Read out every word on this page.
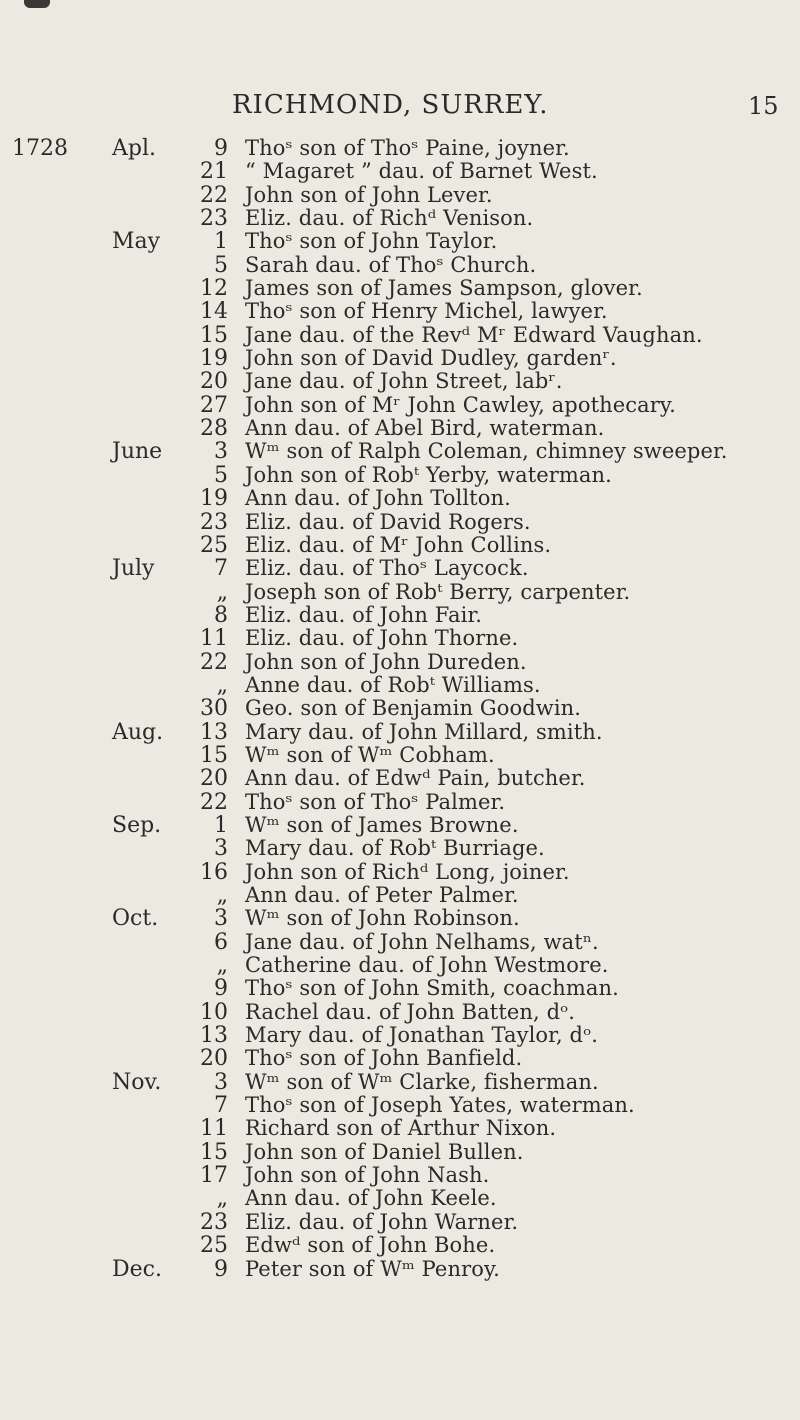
RICHMOND, SURREY.	15
1728 Apl.	9 Thoˢ son of Thoˢ Paine, joyner.
21 “ Magaret ” dau. of Barnet West.
22 John son of John Lever.
23 Eliz. dau. of Richᵈ Venison.
May 1 Thoˢ son of John Taylor.
5 Sarah dau. of Thoˢ Church.
12 James son of James Sampson, glover.
14 Thoˢ son of Henry Michel, lawyer.
15 Jane dau. of the Revᵈ Mʳ Edward Vaughan.
19 John son of David Dudley, gardenʳ.
20 Jane dau. of John Street, labʳ.
27 John son of Mʳ John Cawley, apothecary.
28 Ann dau. of Abel Bird, waterman.
June 3 Wᵐ son of Ralph Coleman, chimney sweeper.
5 John son of Robᵗ Yerby, waterman.
19 Ann dau. of John Tollton.
23 Eliz. dau. of David Rogers.
25 Eliz. dau. of Mʳ John Collins.
July	7 Eliz. dau. of Thoˢ Laycock.
„ Joseph son of Robᵗ Berry, carpenter.
8 Eliz. dau. of John Fair.
11 Eliz. dau. of John Thorne.
22 John son of John Dureden.
„ Anne dau. of Robᵗ Williams.
30 Geo. son of Benjamin Goodwin.
Aug. 13 Mary dau. of John Millard, smith.
15 Wᵐ son of Wᵐ Cobham.
20 Ann dau. of Edwᵈ Pain, butcher.
22 Thoˢ son of Thoˢ Palmer.
Sep. 1 Wᵐ son of James Browne.
3 Mary dau. of Robᵗ Burriage.
16 John son of Richᵈ Long, joiner.
„ Ann dau. of Peter Palmer.
Oct.	3 Wᵐ son of John Robinson.
6 Jane dau. of John Nelhams, watⁿ.
„ Catherine dau. of John Westmore.
9 Thoˢ son of John Smith, coachman.
10 Rachel dau. of John Batten, dᵒ.
13 Mary dau. of Jonathan Taylor, dᵒ.
20 Thoˢ son of John Banfield.
Nov. 3 Wᵐ son of Wᵐ Clarke, fisherman.
7 Thoˢ son of Joseph Yates, waterman.
11 Richard son of Arthur Nixon.
15 John son of Daniel Bullen.
17 John son of John Nash.
„ Ann dau. of John Keele.
23 Eliz. dau. of John Warner.
25 Edwᵈ son of John Bohe.
Dec. 9 Peter son of Wᵐ Penroy.
